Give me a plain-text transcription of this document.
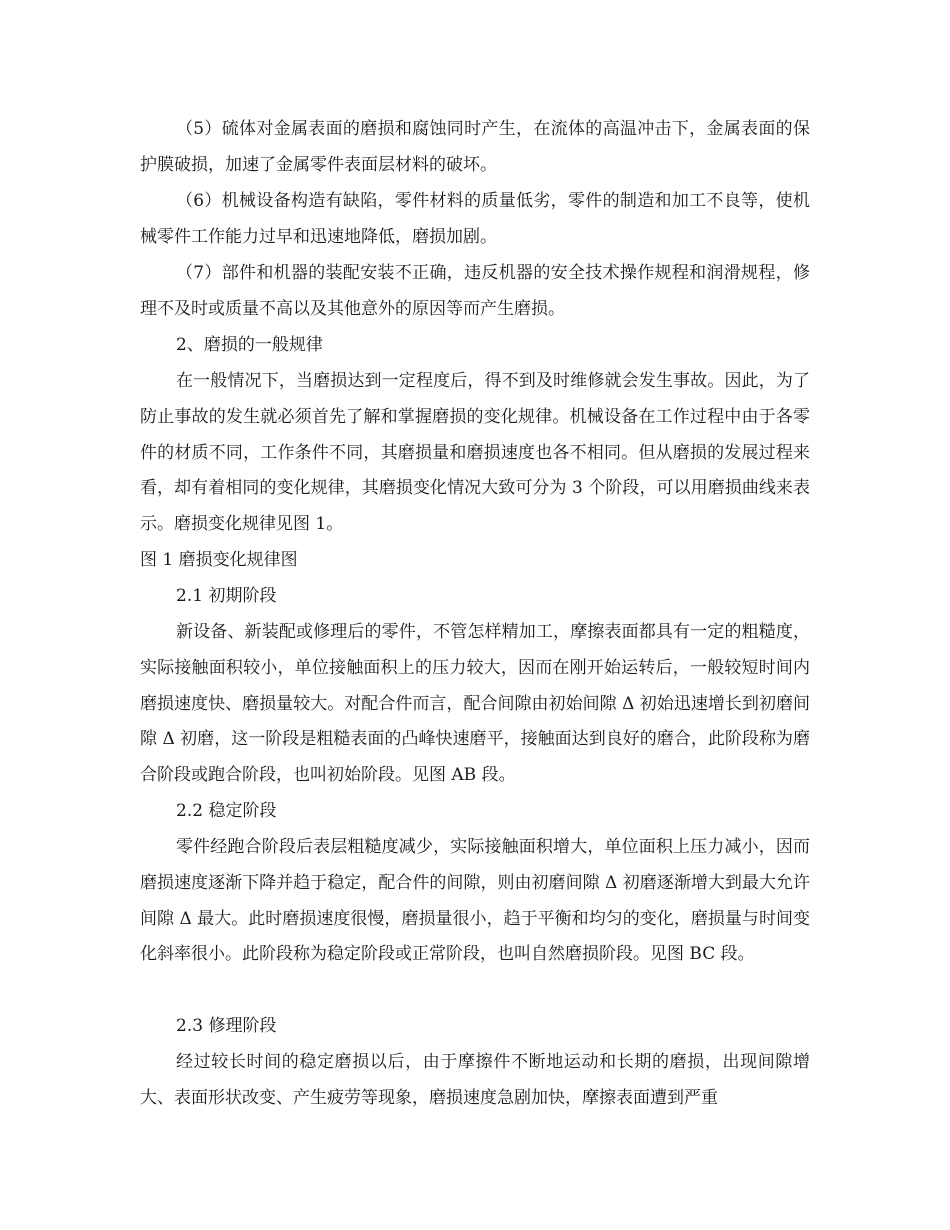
（5）硫体对金属表面的磨损和腐蚀同时产生，在流体的高温冲击下，金属表面的保护膜破损，加速了金属零件表面层材料的破坏。

（6）机械设备构造有缺陷，零件材料的质量低劣，零件的制造和加工不良等，使机械零件工作能力过早和迅速地降低，磨损加剧。

（7）部件和机器的装配安装不正确，违反机器的安全技术操作规程和润滑规程，修理不及时或质量不高以及其他意外的原因等而产生磨损。

2、磨损的一般规律

在一般情况下，当磨损达到一定程度后，得不到及时维修就会发生事故。因此，为了防止事故的发生就必须首先了解和掌握磨损的变化规律。机械设备在工作过程中由于各零件的材质不同，工作条件不同，其磨损量和磨损速度也各不相同。但从磨损的发展过程来看，却有着相同的变化规律，其磨损变化情况大致可分为 3 个阶段，可以用磨损曲线来表示。磨损变化规律见图 1。

图 1 磨损变化规律图

2.1 初期阶段

新设备、新装配或修理后的零件，不管怎样精加工，摩擦表面都具有一定的粗糙度，实际接触面积较小，单位接触面积上的压力较大，因而在刚开始运转后，一般较短时间内磨损速度快、磨损量较大。对配合件而言，配合间隙由初始间隙 Δ 初始迅速增长到初磨间隙 Δ 初磨，这一阶段是粗糙表面的凸峰快速磨平，接触面达到良好的磨合，此阶段称为磨合阶段或跑合阶段，也叫初始阶段。见图 AB 段。

2.2 稳定阶段

零件经跑合阶段后表层粗糙度减少，实际接触面积增大，单位面积上压力减小，因而磨损速度逐渐下降并趋于稳定，配合件的间隙，则由初磨间隙 Δ 初磨逐渐增大到最大允许间隙 Δ 最大。此时磨损速度很慢，磨损量很小，趋于平衡和均匀的变化，磨损量与时间变化斜率很小。此阶段称为稳定阶段或正常阶段，也叫自然磨损阶段。见图 BC 段。

2.3 修理阶段

经过较长时间的稳定磨损以后，由于摩擦件不断地运动和长期的磨损，出现间隙增大、表面形状改变、产生疲劳等现象，磨损速度急剧加快，摩擦表面遭到严重
